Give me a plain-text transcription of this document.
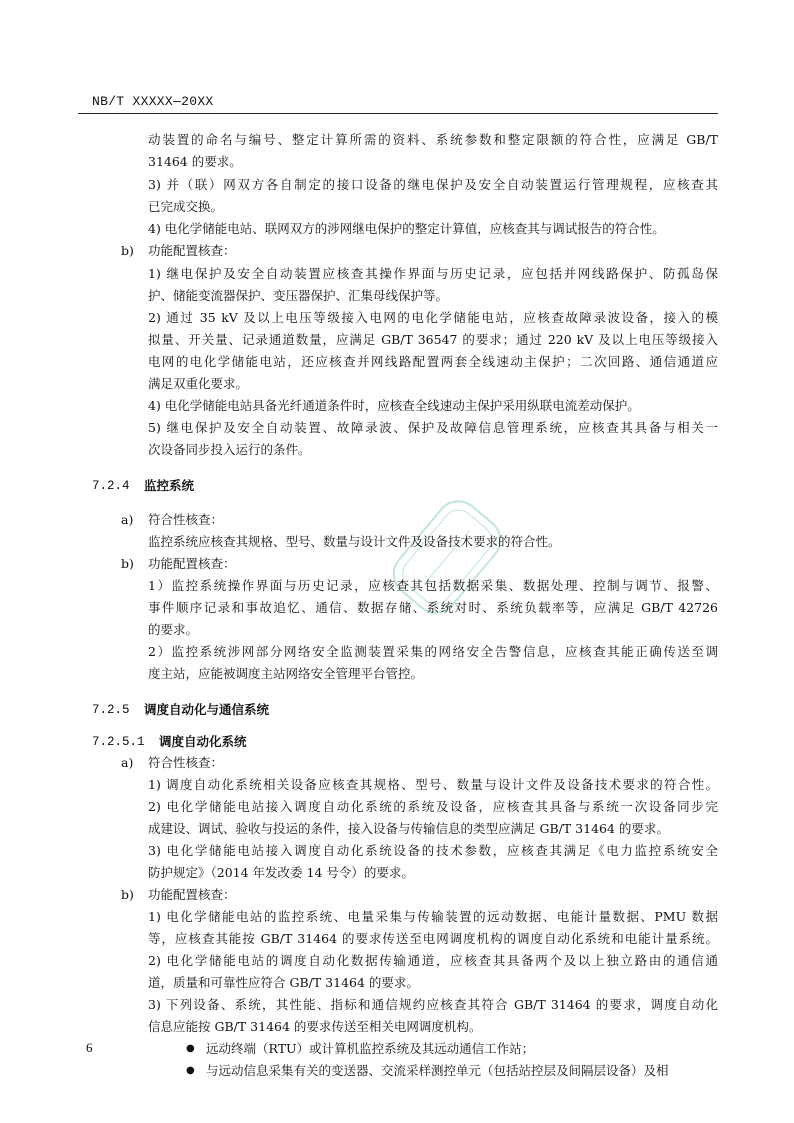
NB/T XXXXX—20XX
动装置的命名与编号、整定计算所需的资料、系统参数和整定限额的符合性，应满足 GB/T
31464 的要求。
3) 并（联）网双方各自制定的接口设备的继电保护及安全自动装置运行管理规程，应核查其
已完成交换。
4) 电化学储能电站、联网双方的涉网继电保护的整定计算值，应核查其与调试报告的符合性。
b) 功能配置核查：
1) 继电保护及安全自动装置应核查其操作界面与历史记录，应包括并网线路保护、防孤岛保
护、储能变流器保护、变压器保护、汇集母线保护等。
2) 通过 35 kV 及以上电压等级接入电网的电化学储能电站，应核查故障录波设备，接入的模
拟量、开关量、记录通道数量，应满足 GB/T 36547 的要求；通过 220 kV 及以上电压等级接入
电网的电化学储能电站，还应核查并网线路配置两套全线速动主保护；二次回路、通信通道应
满足双重化要求。
4) 电化学储能电站具备光纤通道条件时，应核查全线速动主保护采用纵联电流差动保护。
5) 继电保护及安全自动装置、故障录波、保护及故障信息管理系统，应核查其具备与相关一
次设备同步投入运行的条件。
7.2.4 监控系统
a) 符合性核查：
监控系统应核查其规格、型号、数量与设计文件及设备技术要求的符合性。
b) 功能配置核查：
1）监控系统操作界面与历史记录，应核查其包括数据采集、数据处理、控制与调节、报警、
事件顺序记录和事故追忆、通信、数据存储、系统对时、系统负载率等，应满足 GB/T 42726
的要求。
2）监控系统涉网部分网络安全监测装置采集的网络安全告警信息，应核查其能正确传送至调
度主站，应能被调度主站网络安全管理平台管控。
7.2.5 调度自动化与通信系统
7.2.5.1 调度自动化系统
a) 符合性核查：
1) 调度自动化系统相关设备应核查其规格、型号、数量与设计文件及设备技术要求的符合性。
2) 电化学储能电站接入调度自动化系统的系统及设备，应核查其具备与系统一次设备同步完
成建设、调试、验收与投运的条件，接入设备与传输信息的类型应满足 GB/T 31464 的要求。
3) 电化学储能电站接入调度自动化系统设备的技术参数，应核查其满足《电力监控系统安全
防护规定》（2014 年发改委 14 号令）的要求。
b) 功能配置核查：
1) 电化学储能电站的监控系统、电量采集与传输装置的远动数据、电能计量数据、PMU 数据
等，应核查其能按 GB/T 31464 的要求传送至电网调度机构的调度自动化系统和电能计量系统。
2) 电化学储能电站的调度自动化数据传输通道，应核查其具备两个及以上独立路由的通信通
道，质量和可靠性应符合 GB/T 31464 的要求。
3) 下列设备、系统，其性能、指标和通信规约应核查其符合 GB/T 31464 的要求，调度自动化
信息应能按 GB/T 31464 的要求传送至相关电网调度机构。
6	● 远动终端（RTU）或计算机监控系统及其远动通信工作站；
● 与远动信息采集有关的变送器、交流采样测控单元（包括站控层及间隔层设备）及相
